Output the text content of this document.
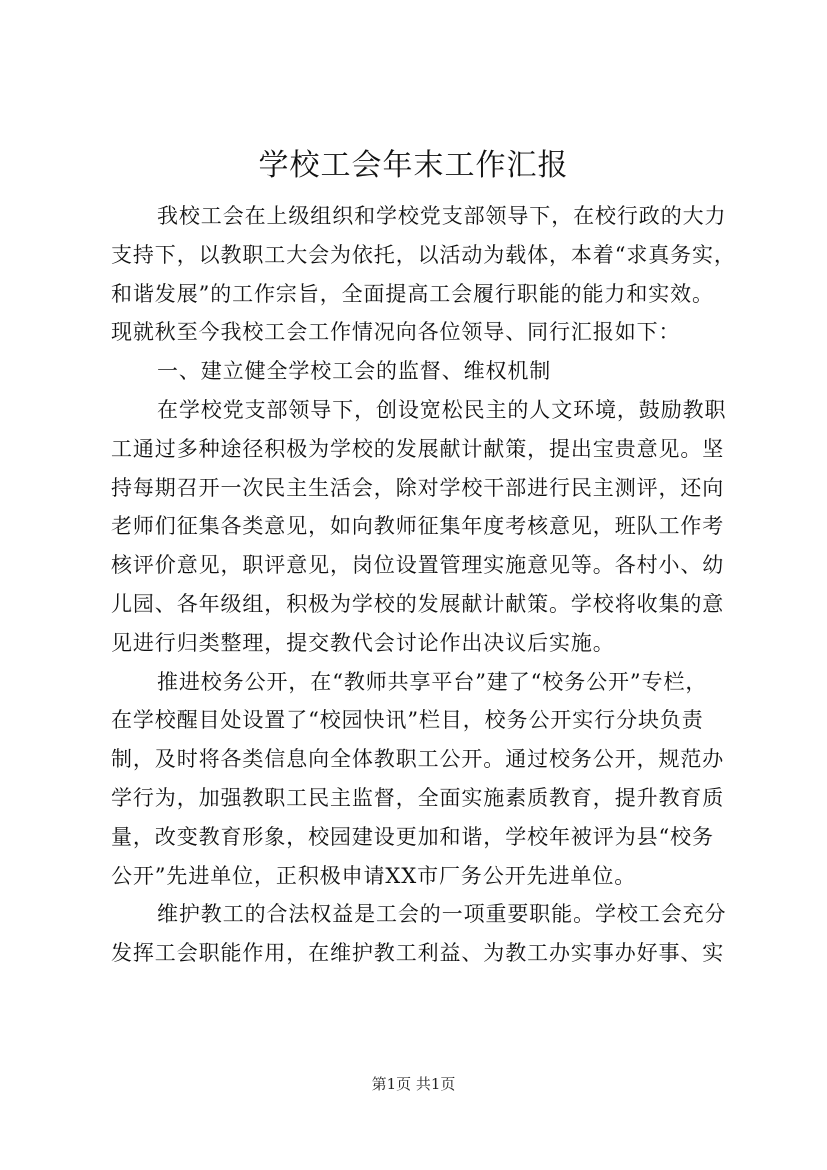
学校工会年末工作汇报
我校工会在上级组织和学校党支部领导下，在校行政的大力
支持下，以教职工大会为依托，以活动为载体，本着“求真务实，
和谐发展”的工作宗旨，全面提高工会履行职能的能力和实效。
现就秋至今我校工会工作情况向各位领导、同行汇报如下：
一、建立健全学校工会的监督、维权机制
在学校党支部领导下，创设宽松民主的人文环境，鼓励教职
工通过多种途径积极为学校的发展献计献策，提出宝贵意见。坚
持每期召开一次民主生活会，除对学校干部进行民主测评，还向
老师们征集各类意见，如向教师征集年度考核意见，班队工作考
核评价意见，职评意见，岗位设置管理实施意见等。各村小、幼
儿园、各年级组，积极为学校的发展献计献策。学校将收集的意
见进行归类整理，提交教代会讨论作出决议后实施。
推进校务公开，在“教师共享平台”建了“校务公开”专栏，
在学校醒目处设置了“校园快讯”栏目，校务公开实行分块负责
制，及时将各类信息向全体教职工公开。通过校务公开，规范办
学行为，加强教职工民主监督，全面实施素质教育，提升教育质
量，改变教育形象，校园建设更加和谐，学校年被评为县“校务
公开”先进单位，正积极申请XX市厂务公开先进单位。
维护教工的合法权益是工会的一项重要职能。学校工会充分
发挥工会职能作用，在维护教工利益、为教工办实事办好事、实
第1页 共1页
